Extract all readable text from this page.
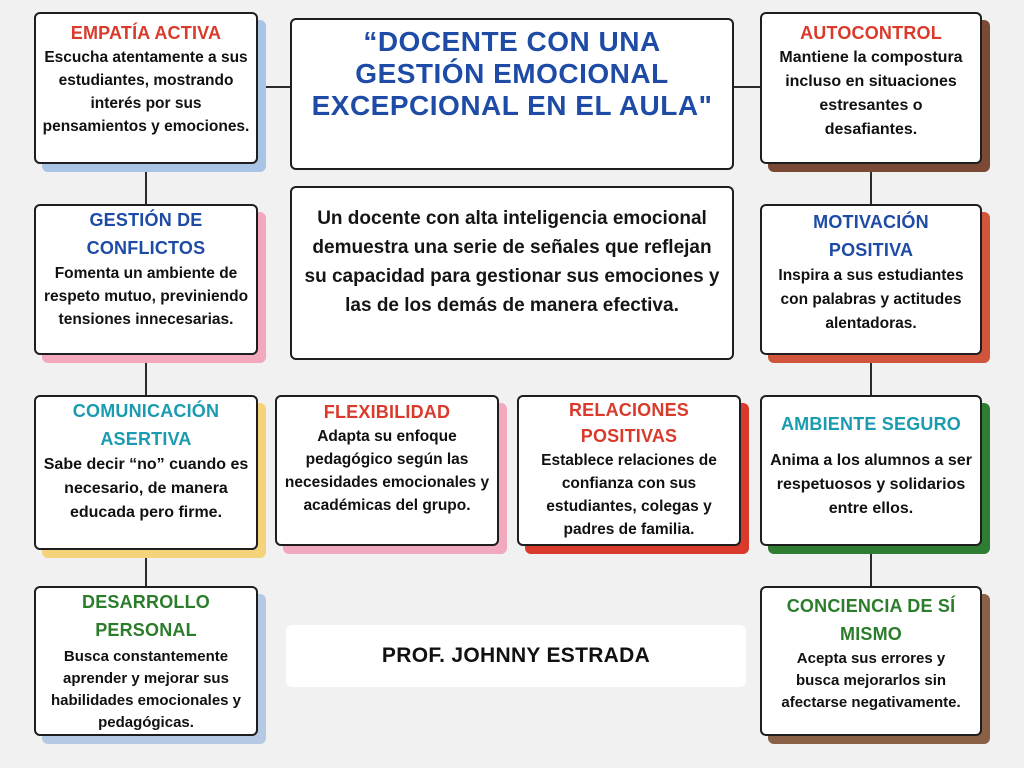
“DOCENTE CON UNA GESTIÓN EMOCIONAL EXCEPCIONAL EN EL AULA"
Un docente con alta inteligencia emocional demuestra una serie de señales que reflejan su capacidad para gestionar sus emociones y las de los demás de manera efectiva.
PROF. JOHNNY ESTRADA
EMPATÍA ACTIVA
Escucha atentamente a sus estudiantes, mostrando interés por sus pensamientos y emociones.
GESTIÓN DE CONFLICTOS
Fomenta un ambiente de respeto mutuo, previniendo tensiones innecesarias.
COMUNICACIÓN ASERTIVA
Sabe decir “no” cuando es necesario, de manera educada pero firme.
DESARROLLO PERSONAL
Busca constantemente aprender y mejorar sus habilidades emocionales y pedagógicas.
FLEXIBILIDAD
Adapta su enfoque pedagógico según las necesidades emocionales y académicas del grupo.
RELACIONES POSITIVAS
Establece relaciones de confianza con sus estudiantes, colegas y padres de familia.
AUTOCONTROL
Mantiene la compostura incluso en situaciones estresantes o desafiantes.
MOTIVACIÓN POSITIVA
Inspira a sus estudiantes con palabras y actitudes alentadoras.
AMBIENTE SEGURO
Anima a los alumnos a ser respetuosos y solidarios entre ellos.
CONCIENCIA DE SÍ MISMO
Acepta sus errores y busca mejorarlos sin afectarse negativamente.
